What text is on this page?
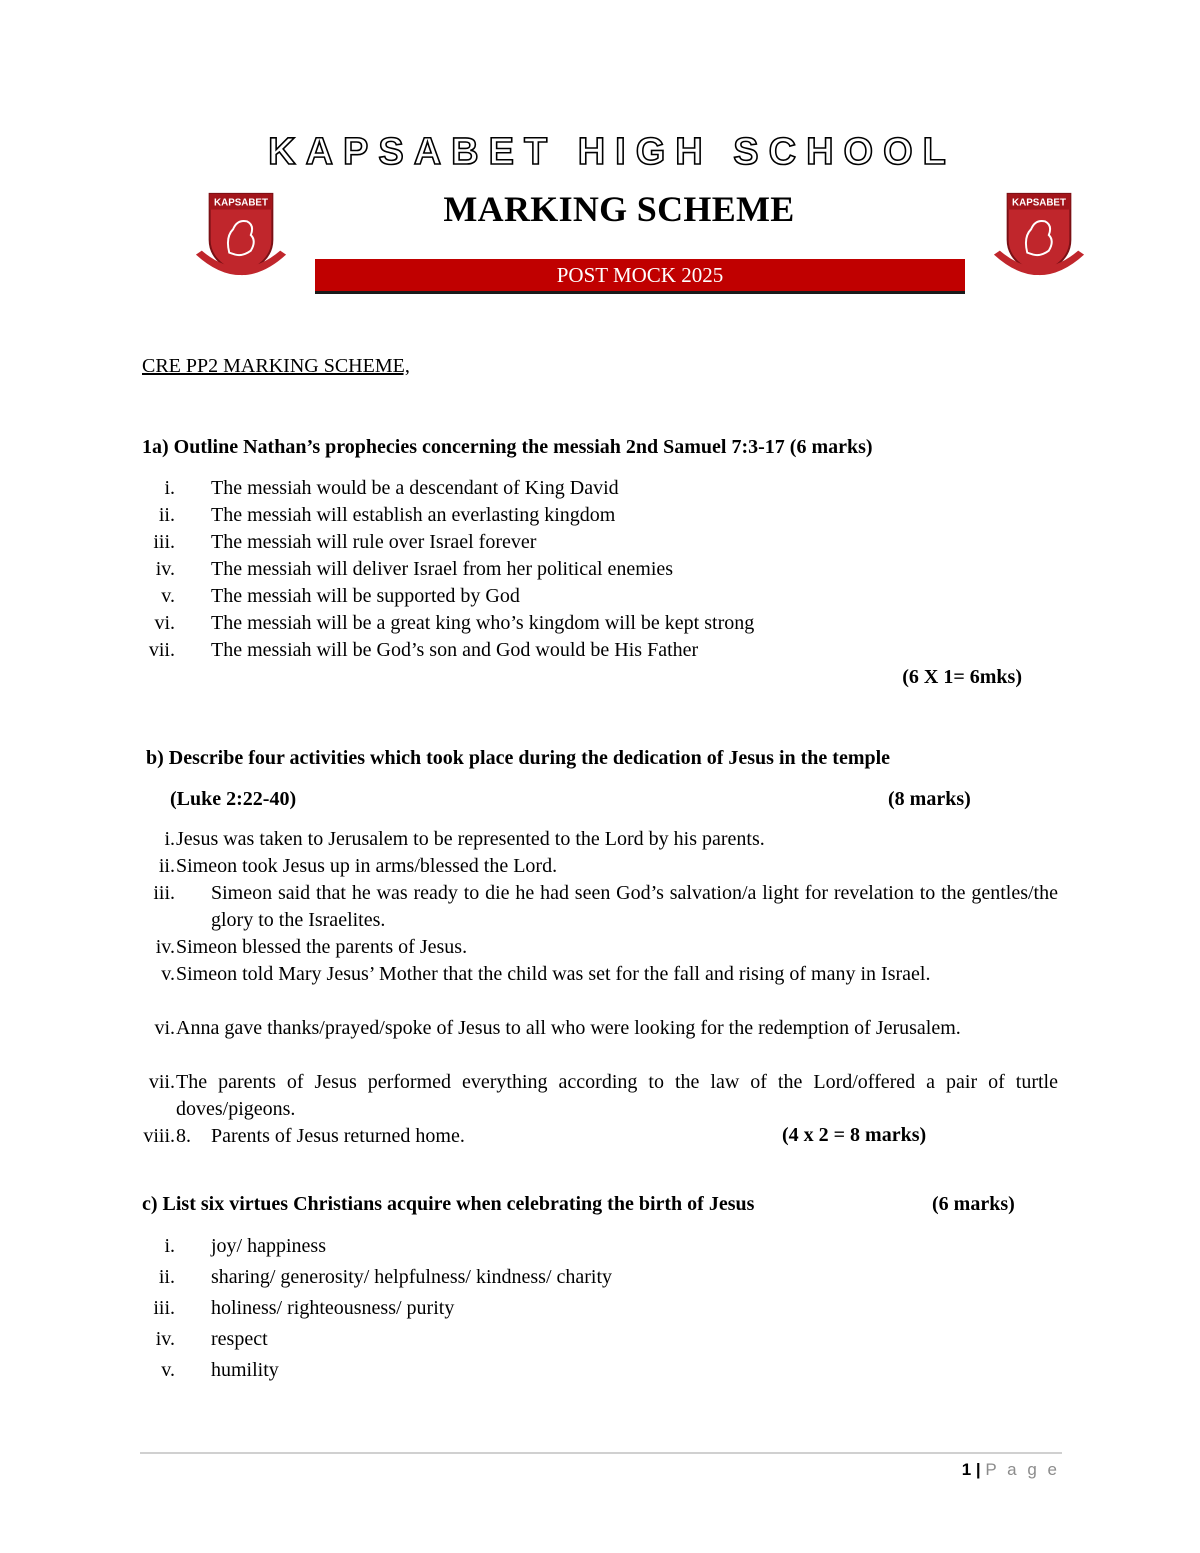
KAPSABET HIGH SCHOOL
KAPSABET
STRIVE TO EXCEL
MARKING SCHEME	KAPSABET
STRIVE TO EXCEL
POST MOCK 2025
CRE PP2 MARKING SCHEME,
1a) Outline Nathan’s prophecies concerning the messiah 2nd Samuel 7:3-17 (6 marks)
i. The messiah would be a descendant of King David
ii. The messiah will establish an everlasting kingdom
iii. The messiah will rule over Israel forever
iv. The messiah will deliver Israel from her political enemies
v. The messiah will be supported by God
vi. The messiah will be a great king who’s kingdom will be kept strong
vii. The messiah will be God’s son and God would be His Father
(6 X 1= 6mks)
b) Describe four activities which took place during the dedication of Jesus in the temple
(Luke 2:22-40)	(8 marks)
i. Jesus was taken to Jerusalem to be represented to the Lord by his parents.
ii. Simeon took Jesus up in arms/blessed the Lord.
iii. Simeon said that he was ready to die he had seen God’s salvation/a light for revelation to the gentles/the glory to the Israelites.
iv. Simeon blessed the parents of Jesus.
v. Simeon told Mary Jesus’ Mother that the child was set for the fall and rising of many in Israel.
vi. Anna gave thanks/prayed/spoke of Jesus to all who were looking for the redemption of Jerusalem.
vii. The parents of Jesus performed everything according to the law of the Lord/offered a pair of turtle doves/pigeons.
viii. 8. Parents of Jesus returned home.	(4 x 2 = 8 marks)
c) List six virtues Christians acquire when celebrating the birth of Jesus	(6 marks)
i. joy/ happiness
ii. sharing/ generosity/ helpfulness/ kindness/ charity
iii. holiness/ righteousness/ purity
iv. respect
v. humility
1 | P a g e
